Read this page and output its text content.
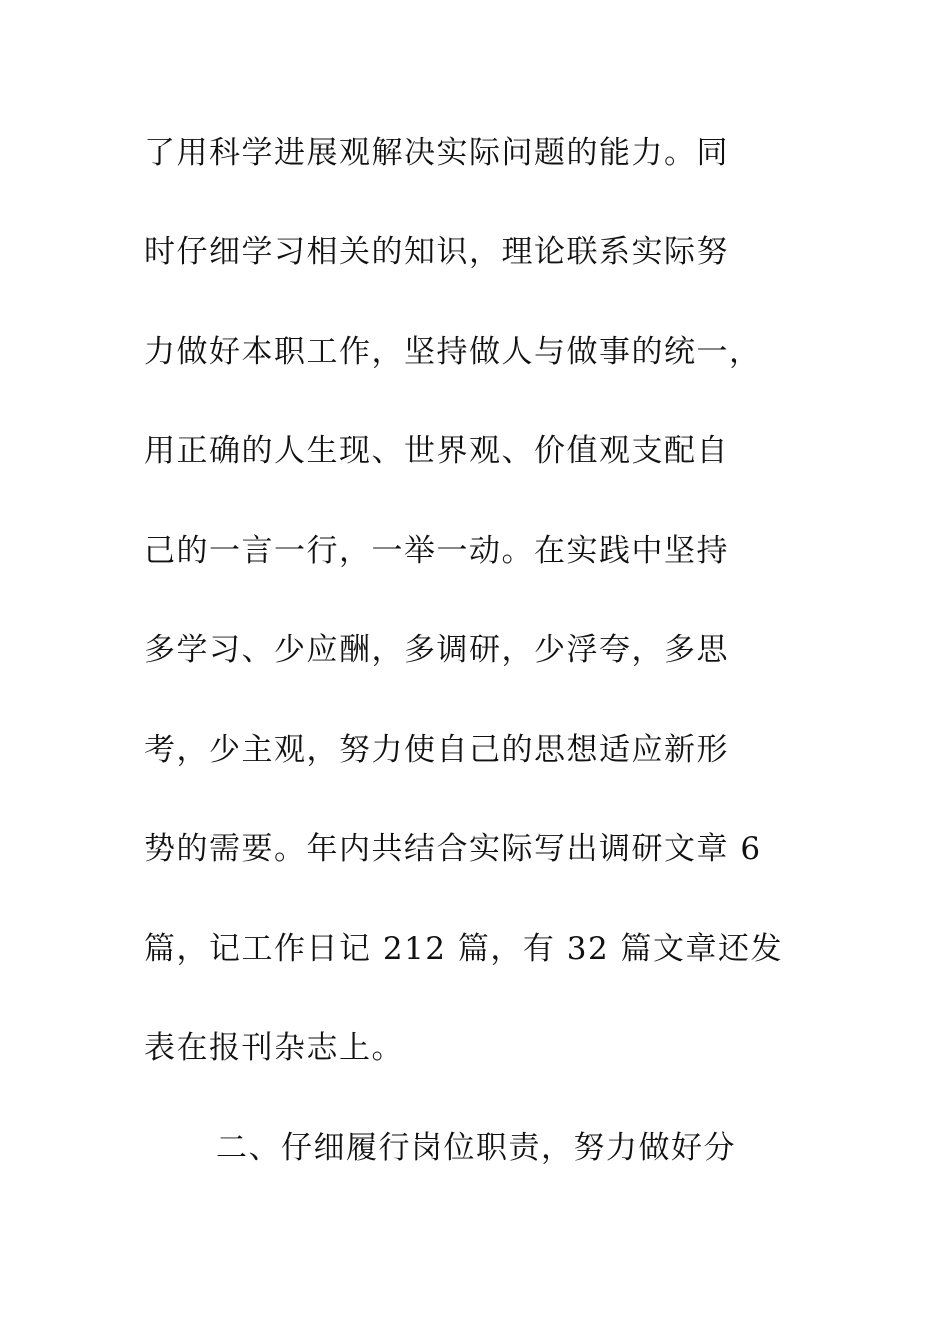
了用科学进展观解决实际问题的能力。同
时仔细学习相关的知识，理论联系实际努
力做好本职工作，坚持做人与做事的统一，
用正确的人生现、世界观、价值观支配自
己的一言一行，一举一动。在实践中坚持
多学习、少应酬，多调研，少浮夸，多思
考，少主观，努力使自己的思想适应新形
势的需要。年内共结合实际写出调研文章 6
篇，记工作日记 212 篇，有 32 篇文章还发
表在报刊杂志上。
二、仔细履行岗位职责，努力做好分
